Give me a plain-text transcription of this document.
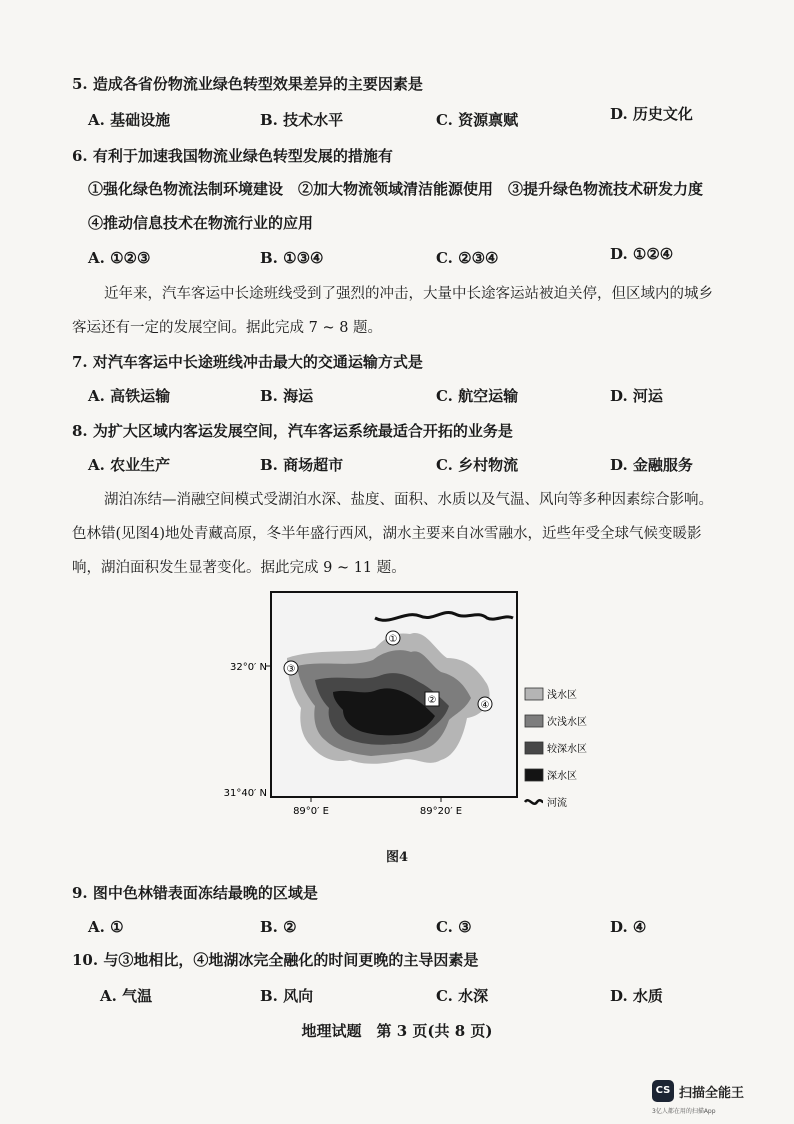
5. 造成各省份物流业绿色转型效果差异的主要因素是
A. 基础设施	B. 技术水平	C. 资源禀赋	D. 历史文化
6. 有利于加速我国物流业绿色转型发展的措施有
①强化绿色物流法制环境建设　②加大物流领域清洁能源使用　③提升绿色物流技术研发力度
④推动信息技术在物流行业的应用
A. ①②③	B. ①③④	C. ②③④	D. ①②④
近年来，汽车客运中长途班线受到了强烈的冲击，大量中长途客运站被迫关停，但区域内的城乡
客运还有一定的发展空间。据此完成 7 ~ 8 题。
7. 对汽车客运中长途班线冲击最大的交通运输方式是
A. 高铁运输	B. 海运	C. 航空运输	D. 河运
8. 为扩大区域内客运发展空间，汽车客运系统最适合开拓的业务是
A. 农业生产	B. 商场超市	C. 乡村物流	D. 金融服务
湖泊冻结—消融空间模式受湖泊水深、盐度、面积、水质以及气温、风向等多种因素综合影响。
色林错(见图4)地处青藏高原，冬半年盛行西风，湖水主要来自冰雪融水，近些年受全球气候变暖影
响，湖泊面积发生显著变化。据此完成 9 ~ 11 题。
①
②
③
④
32°0′ N
31°40′ N
89°0′ E	89°20′ E
浅水区
次浅水区
较深水区
深水区
河流
图4
9. 图中色林错表面冻结最晚的区域是
A. ①	B. ②	C. ③	D. ④
10. 与③地相比，④地湖冰完全融化的时间更晚的主导因素是
A. 气温	B. 风向	C. 水深	D. 水质
地理试题　第 3 页(共 8 页)
CS 扫描全能王
3亿人都在用的扫描App
